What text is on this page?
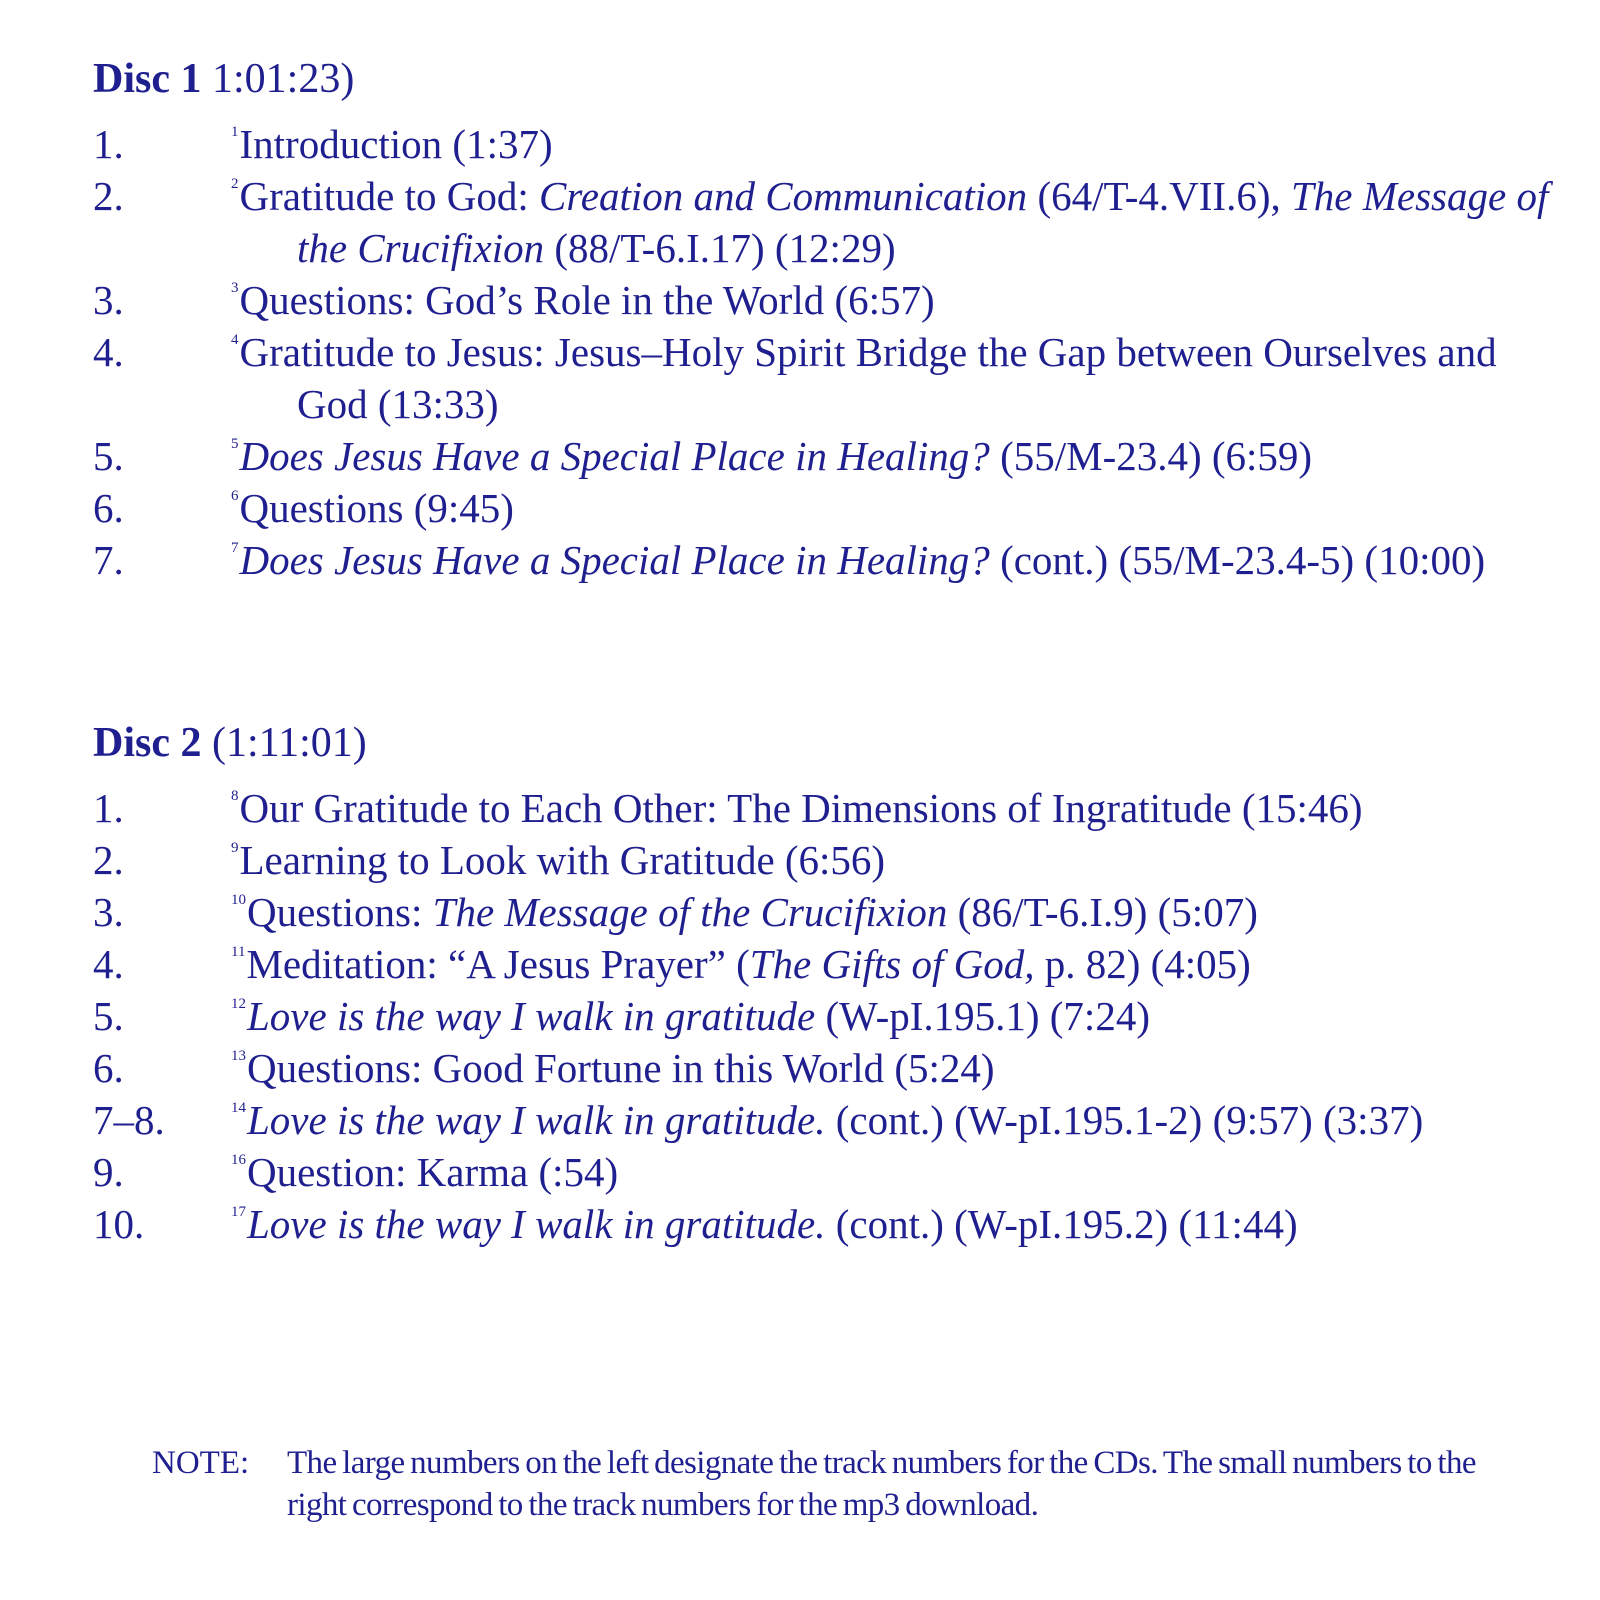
Disc 1 1:01:23)
1.	$^1$Introduction (1:37)
2.	$^2$Gratitude to God: Creation and Communication (64/T-4.VII.6), The Message of the Crucifixion (88/T-6.I.17) (12:29)
3.	$^3$Questions: God’s Role in the World (6:57)
4.	$^4$Gratitude to Jesus: Jesus–Holy Spirit Bridge the Gap between Ourselves and God (13:33)
5.	$^5$Does Jesus Have a Special Place in Healing? (55/M-23.4) (6:59)
6.	$^6$Questions (9:45)
7.	$^7$Does Jesus Have a Special Place in Healing? (cont.) (55/M-23.4-5) (10:00)
Disc 2 (1:11:01)
1.	$^8$Our Gratitude to Each Other: The Dimensions of Ingratitude (15:46)
2.	$^9$Learning to Look with Gratitude (6:56)
3.	$^{10}$Questions: The Message of the Crucifixion (86/T-6.I.9) (5:07)
4.	$^{11}$Meditation: “A Jesus Prayer” (The Gifts of God, p. 82) (4:05)
5.	$^{12}$Love is the way I walk in gratitude (W-pI.195.1) (7:24)
6.	$^{13}$Questions: Good Fortune in this World (5:24)
7–8.	$^{14}$Love is the way I walk in gratitude. (cont.) (W-pI.195.1-2) (9:57) (3:37)
9.	$^{16}$Question: Karma (:54)
10.	$^{17}$Love is the way I walk in gratitude. (cont.) (W-pI.195.2) (11:44)
NOTE:	The large numbers on the left designate the track numbers for the CDs. The small numbers to the right correspond to the track numbers for the mp3 download.
